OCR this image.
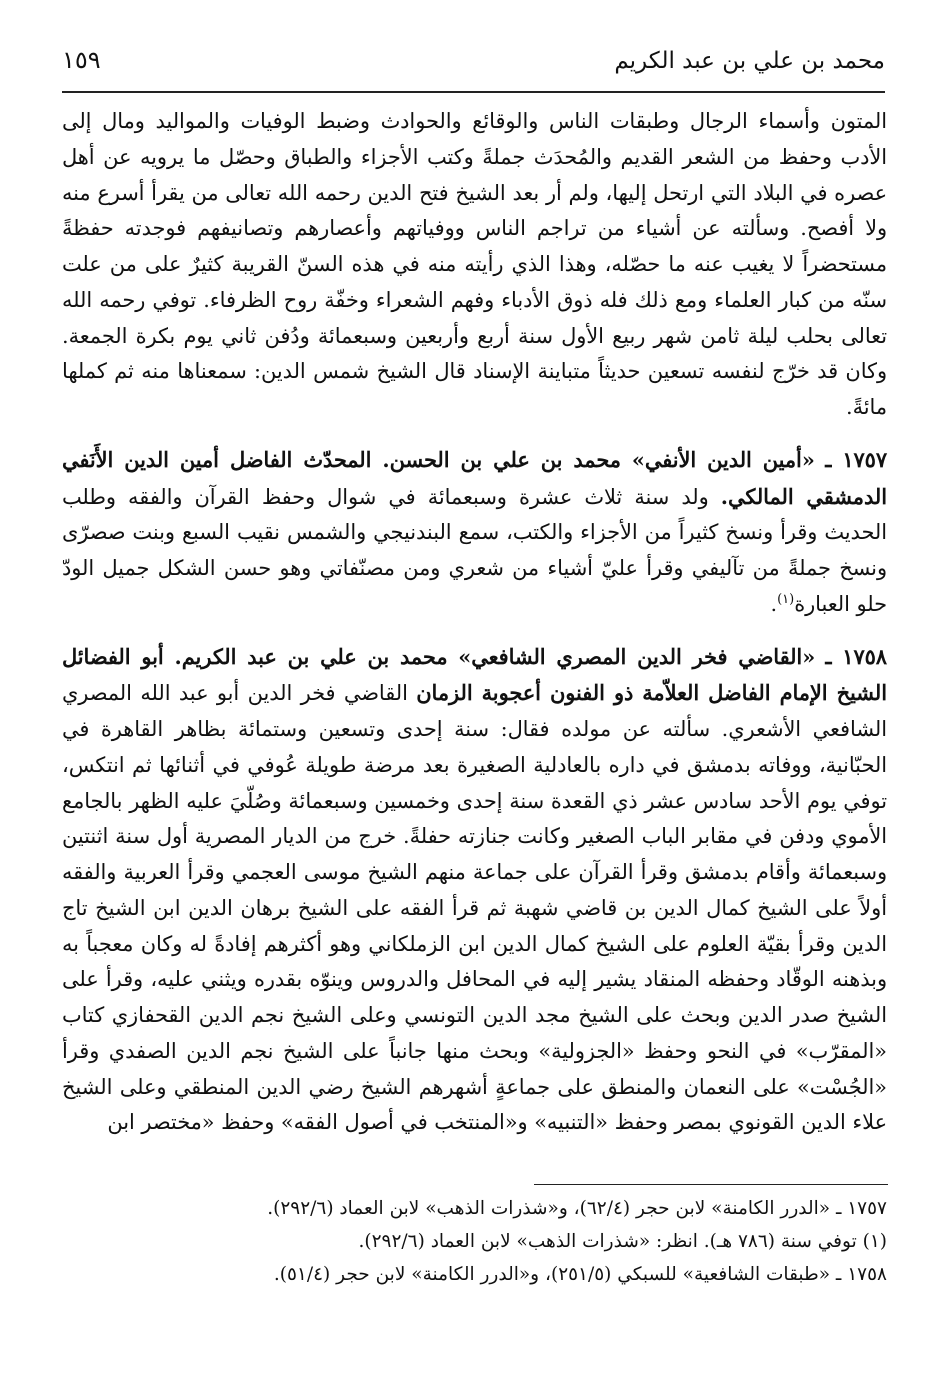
محمد بن علي بن عبد الكريم
١٥٩

المتون وأسماء الرجال وطبقات الناس والوقائع والحوادث وضبط الوفيات والمواليد ومال إلى الأدب وحفظ من الشعر القديم والمُحدَث جملةً وكتب الأجزاء والطباق وحصّل ما يرويه عن أهل عصره في البلاد التي ارتحل إليها، ولم أر بعد الشيخ فتح الدين رحمه الله تعالى من يقرأ أسرع منه ولا أفصح. وسألته عن أشياء من تراجم الناس ووفياتهم وأعصارهم وتصانيفهم فوجدته حفظةً مستحضراً لا يغيب عنه ما حصّله، وهذا الذي رأيته منه في هذه السنّ القريبة كثيرٌ على من علت سنّه من كبار العلماء ومع ذلك فله ذوق الأدباء وفهم الشعراء وخفّة روح الظرفاء. توفي رحمه الله تعالى بحلب ليلة ثامن شهر ربيع الأول سنة أربع وأربعين وسبعمائة ودُفن ثاني يوم بكرة الجمعة. وكان قد خرّج لنفسه تسعين حديثاً متباينة الإسناد قال الشيخ شمس الدين: سمعناها منه ثم كملها مائةً.

١٧٥٧ ـ «أمين الدين الأنفي» محمد بن علي بن الحسن. المحدّث الفاضل أمين الدين الأَنَفي الدمشقي المالكي. ولد سنة ثلاث عشرة وسبعمائة في شوال وحفظ القرآن والفقه وطلب الحديث وقرأ ونسخ كثيراً من الأجزاء والكتب، سمع البندنيجي والشمس نقيب السبع وبنت صصرّى ونسخ جملةً من تآليفي وقرأ عليّ أشياء من شعري ومن مصنّفاتي وهو حسن الشكل جميل الودّ حلو العبارة$^{(١)}$.

١٧٥٨ ـ «القاضي فخر الدين المصري الشافعي» محمد بن علي بن عبد الكريم. أبو الفضائل الشيخ الإمام الفاضل العلاّمة ذو الفنون أعجوبة الزمان القاضي فخر الدين أبو عبد الله المصري الشافعي الأشعري. سألته عن مولده فقال: سنة إحدى وتسعين وستمائة بظاهر القاهرة في الحبّانية، ووفاته بدمشق في داره بالعادلية الصغيرة بعد مرضة طويلة عُوفي في أثنائها ثم انتكس، توفي يوم الأحد سادس عشر ذي القعدة سنة إحدى وخمسين وسبعمائة وصُلّيَ عليه الظهر بالجامع الأموي ودفن في مقابر الباب الصغير وكانت جنازته حفلةً. خرج من الديار المصرية أول سنة اثنتين وسبعمائة وأقام بدمشق وقرأ القرآن على جماعة منهم الشيخ موسى العجمي وقرأ العربية والفقه أولاً على الشيخ كمال الدين بن قاضي شهبة ثم قرأ الفقه على الشيخ برهان الدين ابن الشيخ تاج الدين وقرأ بقيّة العلوم على الشيخ كمال الدين ابن الزملكاني وهو أكثرهم إفادةً له وكان معجباً به وبذهنه الوقّاد وحفظه المنقاد يشير إليه في المحافل والدروس وينوّه بقدره ويثني عليه، وقرأ على الشيخ صدر الدين وبحث على الشيخ مجد الدين التونسي وعلى الشيخ نجم الدين القحفازي كتاب «المقرّب» في النحو وحفظ «الجزولية» وبحث منها جانباً على الشيخ نجم الدين الصفدي وقرأ «الجُسْت» على النعمان والمنطق على جماعةٍ أشهرهم الشيخ رضي الدين المنطقي وعلى الشيخ علاء الدين القونوي بمصر وحفظ «التنبيه» و«المنتخب في أصول الفقه» وحفظ «مختصر ابن

١٧٥٧ ـ «الدرر الكامنة» لابن حجر (٦٢/٤)، و«شذرات الذهب» لابن العماد (٢٩٢/٦).

(١) توفي سنة (٧٨٦ هـ). انظر: «شذرات الذهب» لابن العماد (٢٩٢/٦).

١٧٥٨ ـ «طبقات الشافعية» للسبكي (٢٥١/٥)، و«الدرر الكامنة» لابن حجر (٥١/٤).
